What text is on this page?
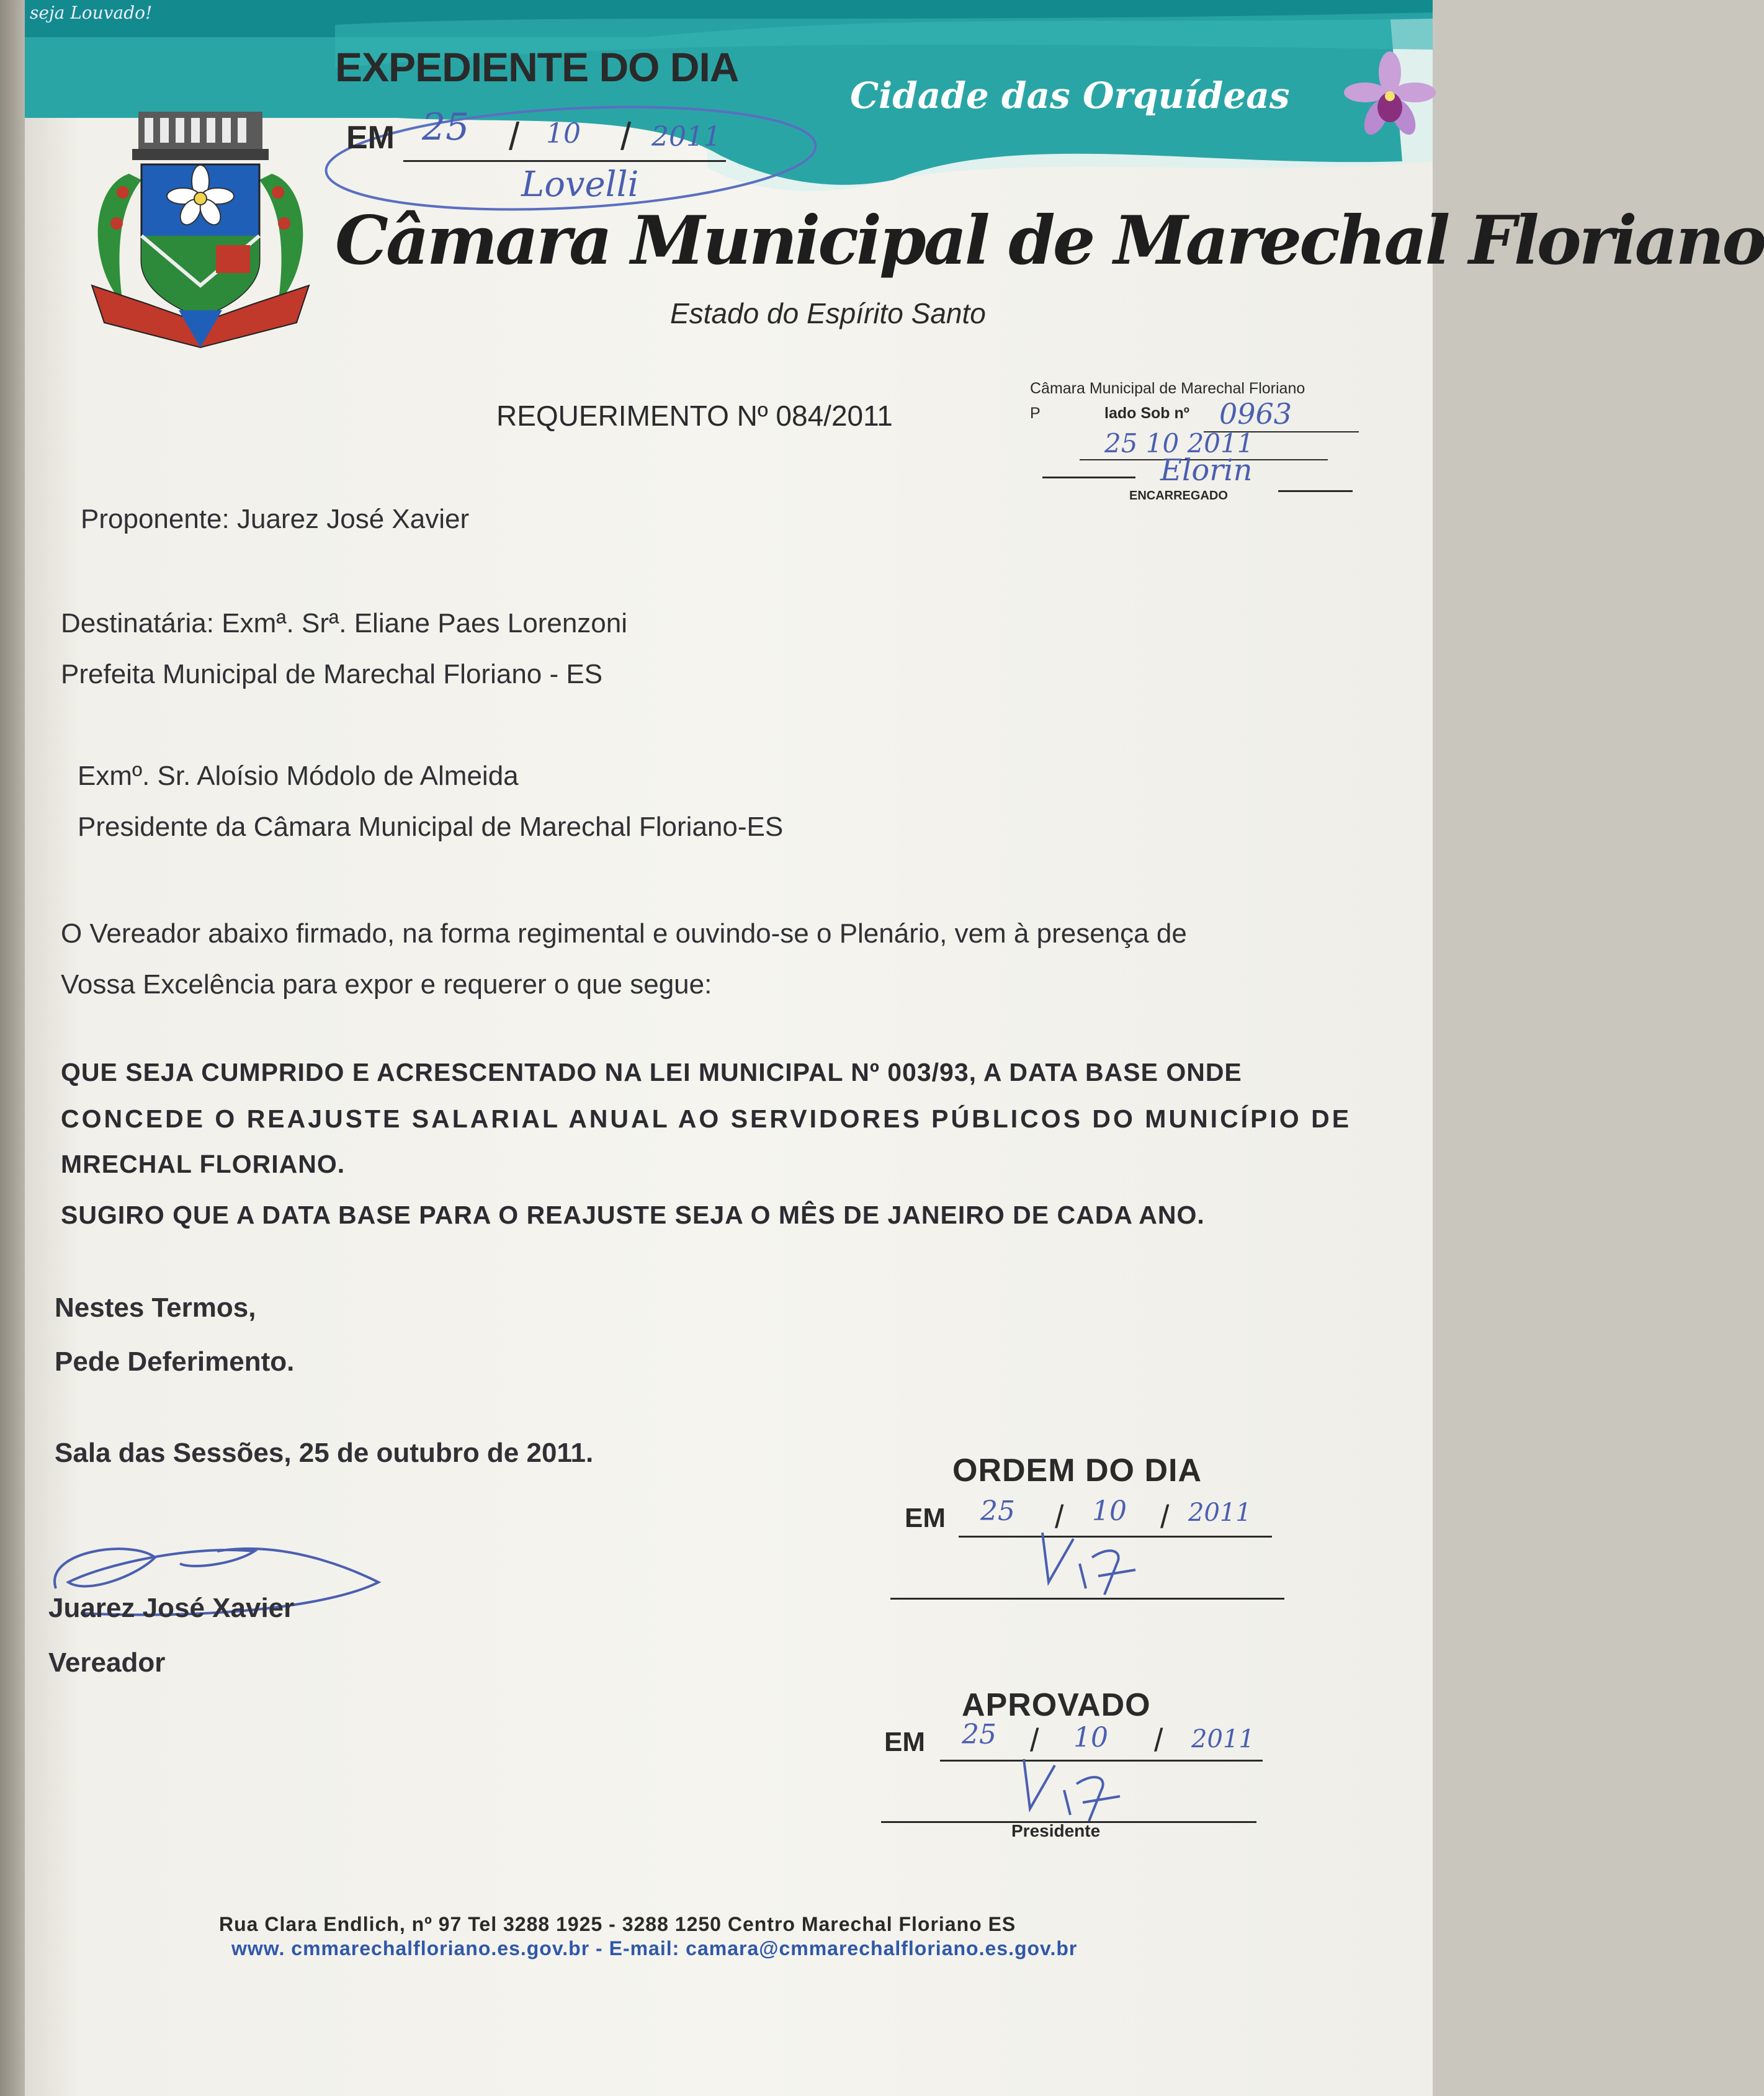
seja Louvado!
EXPEDIENTE DO DIA
EM 25 / 10 / 2011
Lovelli
Cidade das Orquídeas
Câmara Municipal de Marechal Floriano
Estado do Espírito Santo
Câmara Municipal de Marechal Floriano
P	lado Sob nº 0963
25 10 2011
Elorin
ENCARREGADO
REQUERIMENTO Nº 084/2011
Proponente: Juarez José Xavier
Destinatária: Exmª. Srª. Eliane Paes Lorenzoni
Prefeita Municipal de Marechal Floriano - ES
Exmº. Sr. Aloísio Módolo de Almeida
Presidente da Câmara Municipal de Marechal Floriano-ES
O Vereador abaixo firmado, na forma regimental e ouvindo-se o Plenário, vem à presença de
Vossa Excelência para expor e requerer o que segue:
QUE SEJA CUMPRIDO E ACRESCENTADO NA LEI MUNICIPAL Nº 003/93, A DATA BASE ONDE
CONCEDE O REAJUSTE SALARIAL ANUAL AO SERVIDORES PÚBLICOS DO MUNICÍPIO DE
MRECHAL FLORIANO.
SUGIRO QUE A DATA BASE PARA O REAJUSTE SEJA O MÊS DE JANEIRO DE CADA ANO.
Nestes Termos,
Pede Deferimento.
Sala das Sessões, 25 de outubro de 2011.
Juarez José Xavier
Vereador
ORDEM DO DIA
EM 25 / 10 / 2011
APROVADO
EM 25 / 10 / 2011
Presidente
Rua Clara Endlich, nº 97 Tel 3288 1925 - 3288 1250 Centro Marechal Floriano ES
www. cmmarechalfloriano.es.gov.br - E-mail: camara@cmmarechalfloriano.es.gov.br
